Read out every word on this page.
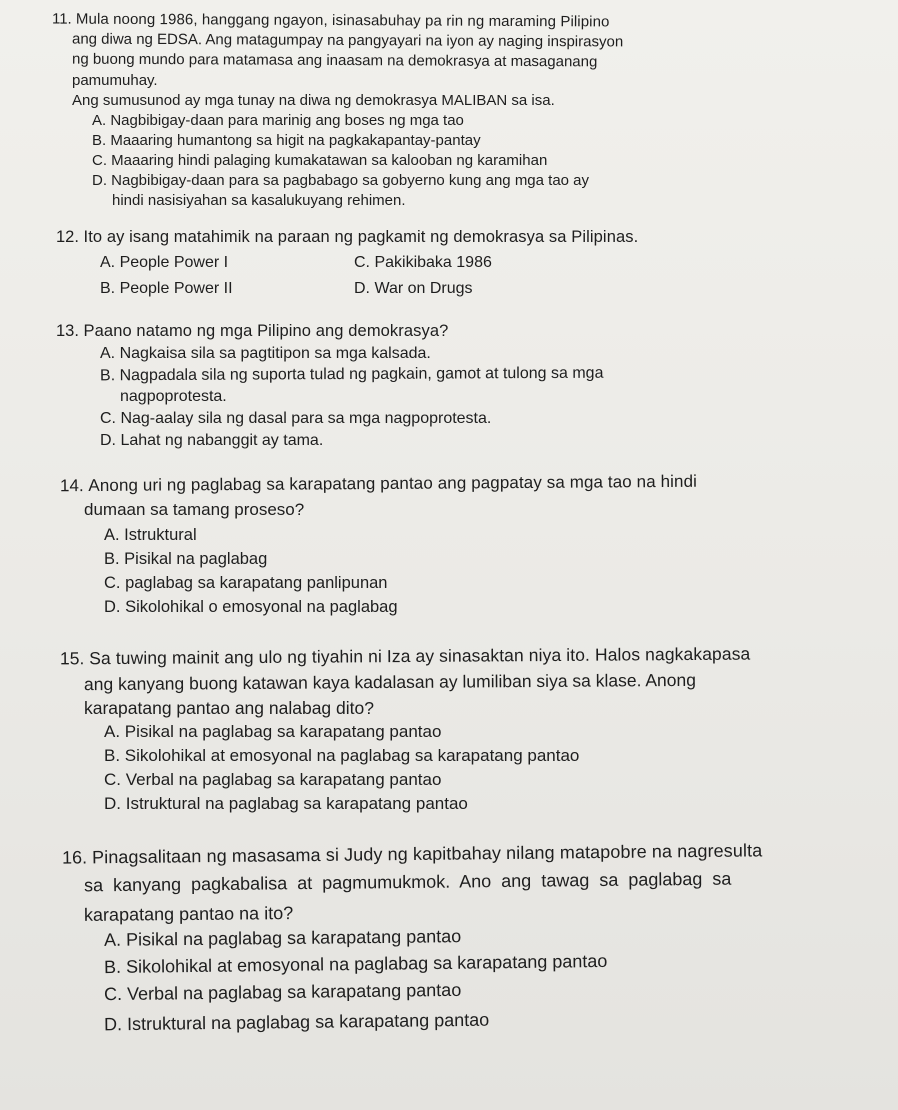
11. Mula noong 1986, hanggang ngayon, isinasabuhay pa rin ng maraming Pilipino
ang diwa ng EDSA. Ang matagumpay na pangyayari na iyon ay naging inspirasyon
ng buong mundo para matamasa ang inaasam na demokrasya at masaganang
pamumuhay.
Ang sumusunod ay mga tunay na diwa ng demokrasya MALIBAN sa isa.
A. Nagbibigay-daan para marinig ang boses ng mga tao
B. Maaaring humantong sa higit na pagkakapantay-pantay
C. Maaaring hindi palaging kumakatawan sa kalooban ng karamihan
D. Nagbibigay-daan para sa pagbabago sa gobyerno kung ang mga tao ay
hindi nasisiyahan sa kasalukuyang rehimen.
12. Ito ay isang matahimik na paraan ng pagkamit ng demokrasya sa Pilipinas.
A. People Power I	C. Pakikibaka 1986
B. People Power II	D. War on Drugs
13. Paano natamo ng mga Pilipino ang demokrasya?
A. Nagkaisa sila sa pagtitipon sa mga kalsada.
B. Nagpadala sila ng suporta tulad ng pagkain, gamot at tulong sa mga
nagpoprotesta.
C. Nag-aalay sila ng dasal para sa mga nagpoprotesta.
D. Lahat ng nabanggit ay tama.
14. Anong uri ng paglabag sa karapatang pantao ang pagpatay sa mga tao na hindi
dumaan sa tamang proseso?
A. Istruktural
B. Pisikal na paglabag
C. paglabag sa karapatang panlipunan
D. Sikolohikal o emosyonal na paglabag
15. Sa tuwing mainit ang ulo ng tiyahin ni Iza ay sinasaktan niya ito. Halos nagkakapasa
ang kanyang buong katawan kaya kadalasan ay lumiliban siya sa klase. Anong
karapatang pantao ang nalabag dito?
A. Pisikal na paglabag sa karapatang pantao
B. Sikolohikal at emosyonal na paglabag sa karapatang pantao
C. Verbal na paglabag sa karapatang pantao
D. Istruktural na paglabag sa karapatang pantao
16. Pinagsalitaan ng masasama si Judy ng kapitbahay nilang matapobre na nagresulta
sa kanyang pagkabalisa at pagmumukmok. Ano ang tawag sa paglabag sa
karapatang pantao na ito?
A. Pisikal na paglabag sa karapatang pantao
B. Sikolohikal at emosyonal na paglabag sa karapatang pantao
C. Verbal na paglabag sa karapatang pantao
D. Istruktural na paglabag sa karapatang pantao
